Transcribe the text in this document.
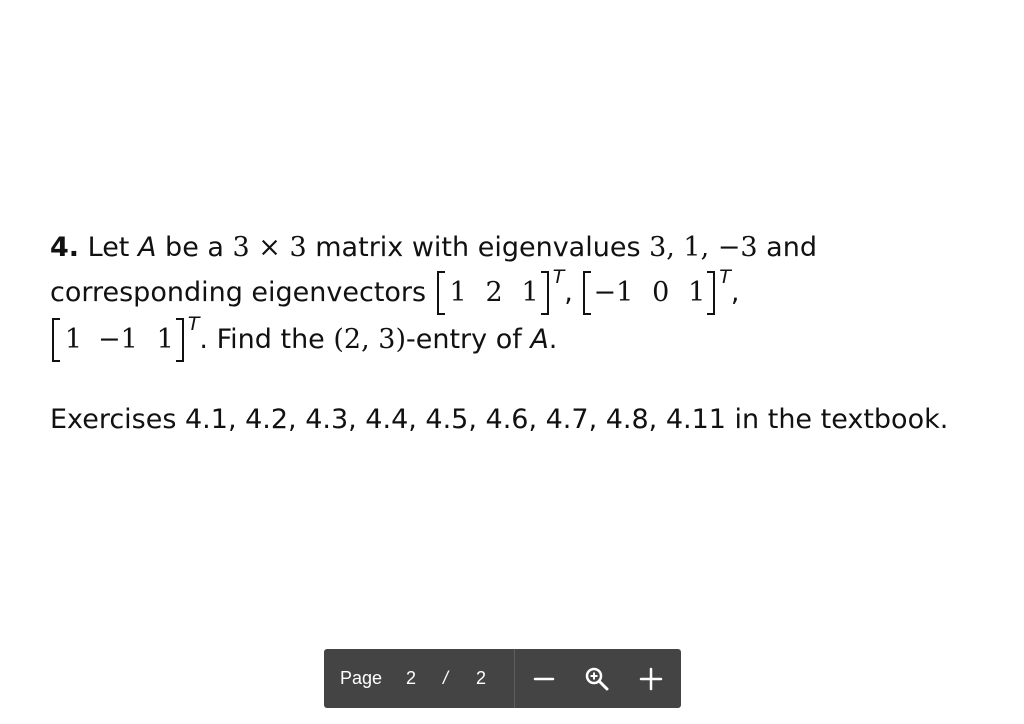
4. Let A be a 3 × 3 matrix with eigenvalues 3, 1, −3 and
corresponding eigenvectors 1 2 1 $^T$, −1 0 1 $^T$,
1 −1 1 $^T$. Find the (2, 3)-entry of A.

Exercises 4.1, 4.2, 4.3, 4.4, 4.5, 4.6, 4.7, 4.8, 4.11 in the textbook.

Page 2 / 2
